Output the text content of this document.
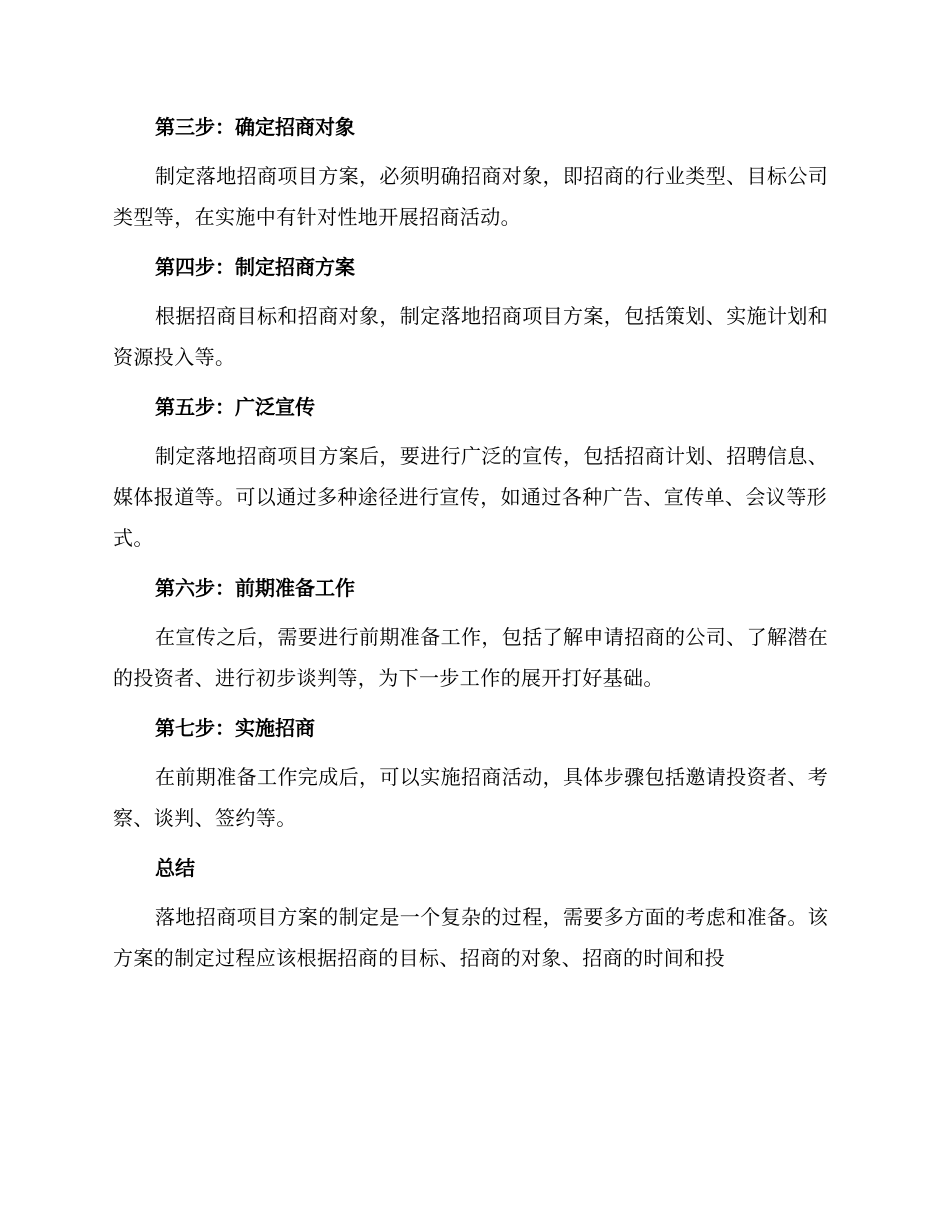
第三步：确定招商对象

制定落地招商项目方案，必须明确招商对象，即招商的行业类型、目标公司类型等，在实施中有针对性地开展招商活动。

第四步：制定招商方案

根据招商目标和招商对象，制定落地招商项目方案，包括策划、实施计划和资源投入等。

第五步：广泛宣传

制定落地招商项目方案后，要进行广泛的宣传，包括招商计划、招聘信息、媒体报道等。可以通过多种途径进行宣传，如通过各种广告、宣传单、会议等形式。

第六步：前期准备工作

在宣传之后，需要进行前期准备工作，包括了解申请招商的公司、了解潜在的投资者、进行初步谈判等，为下一步工作的展开打好基础。

第七步：实施招商

在前期准备工作完成后，可以实施招商活动，具体步骤包括邀请投资者、考察、谈判、签约等。

总结

落地招商项目方案的制定是一个复杂的过程，需要多方面的考虑和准备。该方案的制定过程应该根据招商的目标、招商的对象、招商的时间和投
